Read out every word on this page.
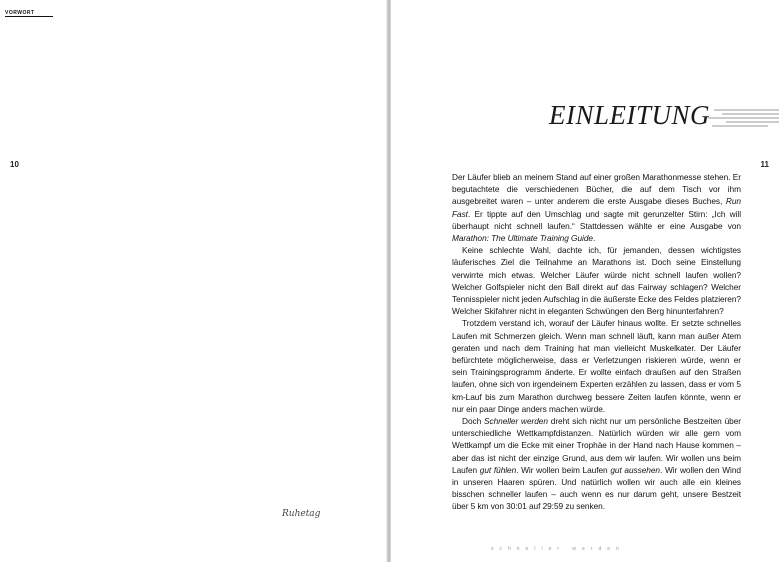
VORWORT
10
Ruhetag
EINLEITUNG
11

Der Läufer blieb an meinem Stand auf einer großen Marathonmesse stehen. Er begutachtete die verschiedenen Bücher, die auf dem Tisch vor ihm ausgebreitet waren – unter anderem die erste Ausgabe dieses Buches, Run Fast. Er tippte auf den Umschlag und sagte mit gerunzelter Stirn: „Ich will überhaupt nicht schnell laufen.“ Stattdessen wählte er eine Ausgabe von Marathon: The Ultimate Training Guide.

Keine schlechte Wahl, dachte ich, für jemanden, dessen wichtigstes läuferisches Ziel die Teilnahme an Marathons ist. Doch seine Einstellung verwirrte mich etwas. Welcher Läufer würde nicht schnell laufen wollen? Welcher Golfspieler nicht den Ball direkt auf das Fairway schlagen? Welcher Tennisspieler nicht jeden Aufschlag in die äußerste Ecke des Feldes platzieren? Welcher Skifahrer nicht in eleganten Schwüngen den Berg hinunterfahren?

Trotzdem verstand ich, worauf der Läufer hinaus wollte. Er setzte schnelles Laufen mit Schmerzen gleich. Wenn man schnell läuft, kann man außer Atem geraten und nach dem Training hat man vielleicht Muskelkater. Der Läufer befürchtete möglicherweise, dass er Verletzungen riskieren würde, wenn er sein Trainingsprogramm änderte. Er wollte einfach draußen auf den Straßen laufen, ohne sich von irgendeinem Experten erzählen zu lassen, dass er vom 5 km-Lauf bis zum Marathon durchweg bessere Zeiten laufen könnte, wenn er nur ein paar Dinge anders machen würde.

Doch Schneller werden dreht sich nicht nur um persönliche Bestzeiten über unterschiedliche Wettkampfdistanzen. Natürlich würden wir alle gern vom Wettkampf um die Ecke mit einer Trophäe in der Hand nach Hause kommen – aber das ist nicht der einzige Grund, aus dem wir laufen. Wir wollen uns beim Laufen gut fühlen. Wir wollen beim Laufen gut aussehen. Wir wollen den Wind in unseren Haaren spüren. Und natürlich wollen wir auch alle ein kleines bisschen schneller laufen – auch wenn es nur darum geht, unsere Bestzeit über 5 km von 30:01 auf 29:59 zu senken.

schneller werden
